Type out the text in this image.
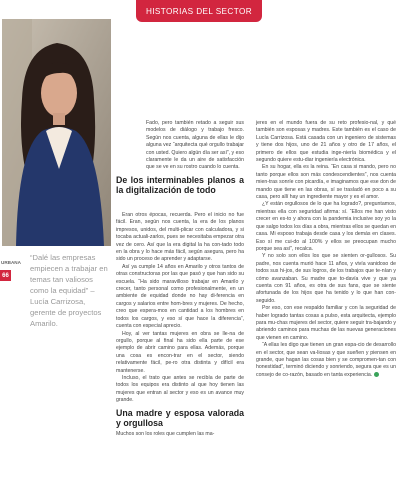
HISTORIAS DEL SECTOR
“Dalé las empresas empiecen a trabajar en temas tan valiosos como la equidad” – Lucía Carrizosa, gerente de proyectos Amarilo.
URBANA
66

Fado, pero también retado a seguir sus modelos de diálogo y trabajo fresco. Según nos cuenta, alguna de ellas le dijo alguna vez “arquitecta qué orgullo trabajar con usted. Quiero algún día ser así”, y eso claramente le da un aire de satisfacción que se ve en su rostro cuando lo cuenta.

De los interminables planos a la digitalización de todo

Eran otros épocas, recuerda. Pero el inicio no fue fácil. Eran, según nos cuenta, la era de los planos impresos, unidos, del multi-plicar con calculadora, y si tocaba actuali-zarlos, pues se necesitaba empezar otra vez de cero. Así que la era digital la ha con-tado todo en la obra y lo hace más fácil, según asegura, pero ha sido un proceso de aprender y adaptarse.

Así ya cumple 14 años en Amarilo y otros tantos de otras constructoras por las que pasó y que han sido su escuela. “Ha sido maravilloso trabajar en Amarilo y crecer, tanto personal como profesionalmente, en un ambiente de equidad donde no hay di-ferencia en cargos y salarios entre hom-bres y mujeres. De hecho, creo que espera-mos en cantidad a los hombres en todos los cargos, y eso sí que hace la diferencia”, cuenta con especial aprecio.

Hoy, al ver tantas mujeres en obra se lle-na de orgullo, porque al final ha sido ella parte de ese ejemplo de abrir camino para ellas. Además, porque una cosa es encon-trar en el sector, siendo relativamente fácil, pe-ro otra distinta y difícil era mantenerse.

Incluso, el trato que antes se recibía de parte de todos los equipos era distinto al que hoy tienen las mujeres que entran al sector y eso es un avance muy grande.

Una madre y esposa valorada y orgullosa

Muchos son los roles que cumplen las ma-

jeres en el mundo fuera de su reto profesio-nal, y qué también son esposas y madres. Este también es el caso de Lucía Carrizosa. Está casada con un ingeniero de sistemas y tiene dos hijos, uno de 21 años y otro de 17 años, el primero de ellos que estudia inge-niería biomédica y el segundo quiere estu-diar ingeniería electrónica.

En su hogar, ella es la reina. “En casa si mando, pero no tanto porque ellos son más condescendientes”, nos cuenta mien-tras sonríe con picardía, e imaginamos que ese don de mando que tiene en las obras, sí se trasladó en poco a su casa, pero allí hay un ingrediente mayor y es el amor.

¿Y están orgullosos de lo que ha logrado?, preguntamos, mientras ella con seguridad afirma: sí. “Ellos me han visto crecer en es-to y ahora con la pandemia inclusive soy yo la que salgo todos los días a obra, mientras ellos se quedan en casa. Mi esposo trabaja desde casa y los demás en clases. Eso sí me cui-do al 100% y ellos se preocupan mucho porque sea así”, recalca.

Y no solo son ellos los que se sienten or-gullosos. Su padre, nos cuenta murió hace 11 años, y vivía vanidoso de todos sus hi-jos, de sus logros, de los trabajos que te-nían y cómo avanzaban. Su madre que to-davía vive y que ya cuenta con 91 años, es otra de sus fans, que se siente afortunada de los hijos que ha tenido y lo que han con-seguido.

Por eso, con ese respaldo familiar y con la seguridad de haber logrado tantas cosas a pulso, esta arquitecta, ejemplo para mu-chas mujeres del sector, quiere seguir tra-bajando y abriendo caminos para muchas de las nuevas generaciones que vienen en camino.

“A ellas les digo que tienen un gran espa-cio de desarrollo en el sector, que sean va-liosas y que sueñen y piensen en grande, que hagan las cosas bien y se compromen-tan con honestidad”, terminó diciendo y sonriendo, segura que es un consejo de co-razón, basado en tanta experiencia.
